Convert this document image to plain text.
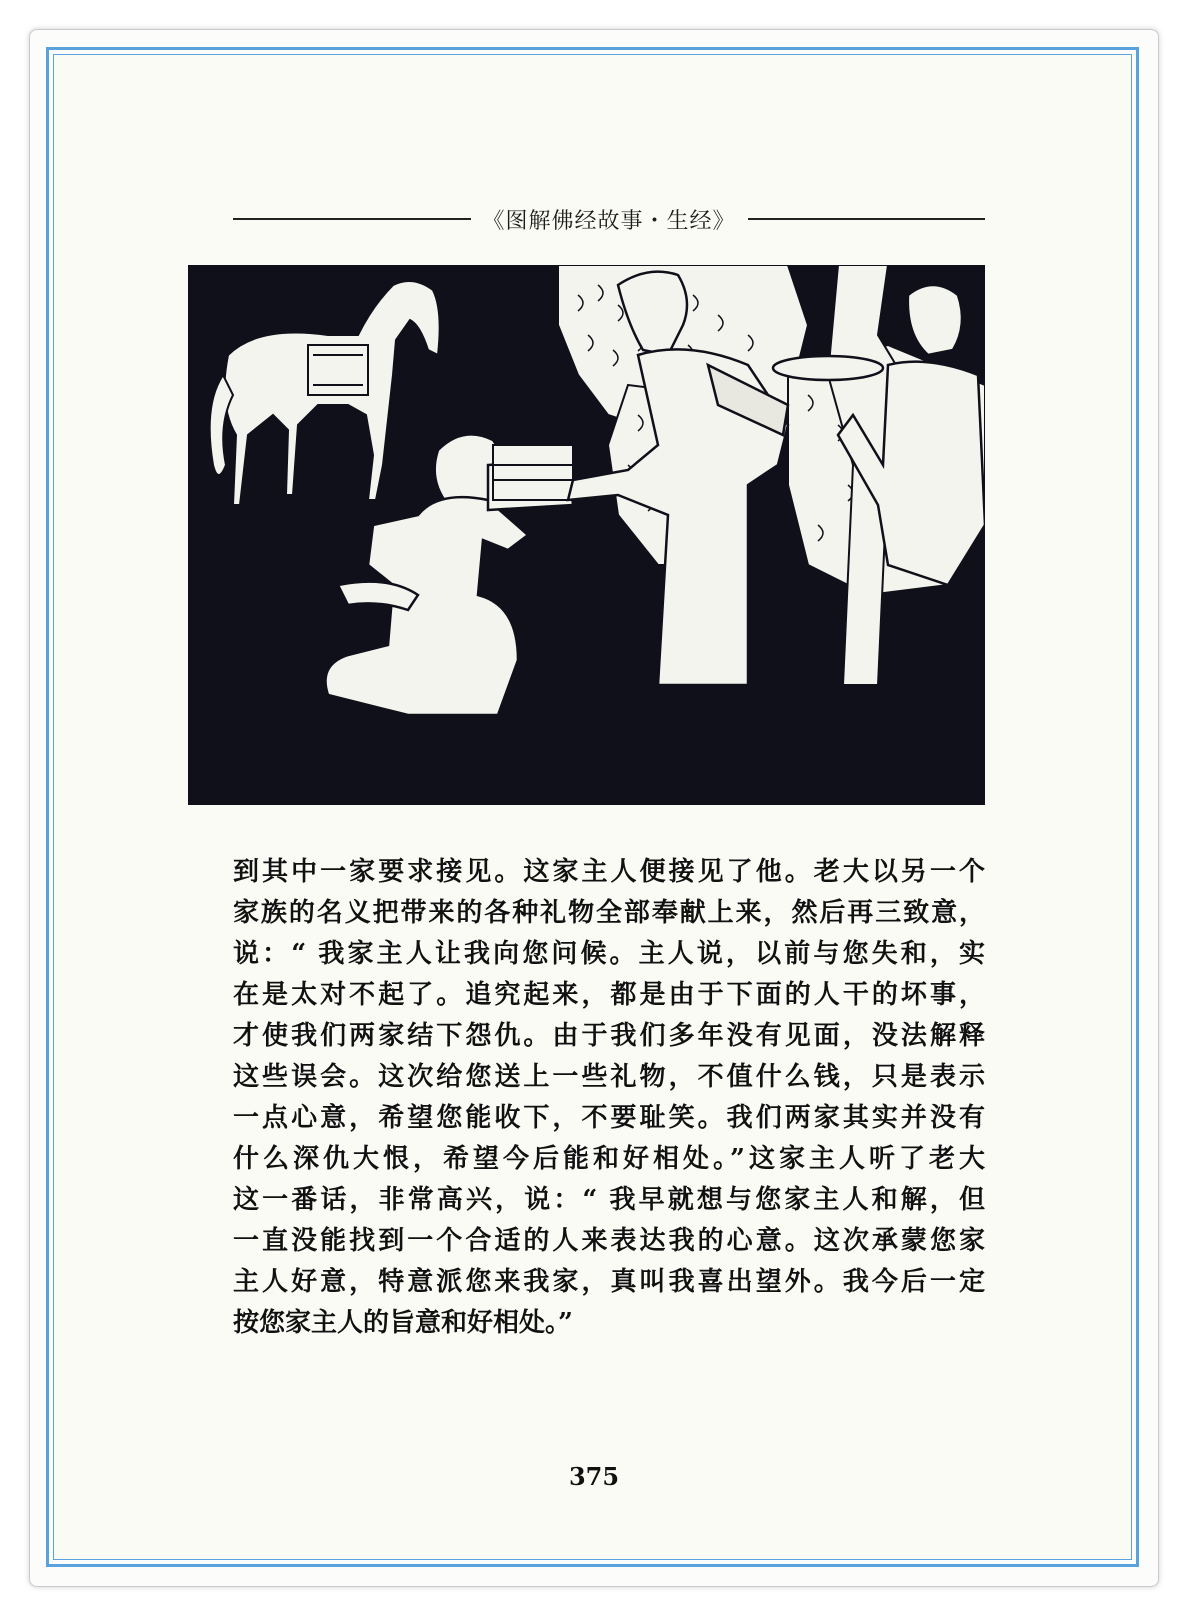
《图解佛经故事・生经》
到其中一家要求接见。这家主人便接见了他。老大以另一个
家族的名义把带来的各种礼物全部奉献上来，然后再三致意，
说：“ 我家主人让我向您问候。主人说，以前与您失和，实
在是太对不起了。追究起来，都是由于下面的人干的坏事，
才使我们两家结下怨仇。由于我们多年没有见面，没法解释
这些误会。这次给您送上一些礼物，不值什么钱，只是表示
一点心意，希望您能收下，不要耻笑。我们两家其实并没有
什么深仇大恨，希望今后能和好相处。”这家主人听了老大
这一番话，非常高兴，说：“ 我早就想与您家主人和解，但
一直没能找到一个合适的人来表达我的心意。这次承蒙您家
主人好意，特意派您来我家，真叫我喜出望外。我今后一定
按您家主人的旨意和好相处。”
375
